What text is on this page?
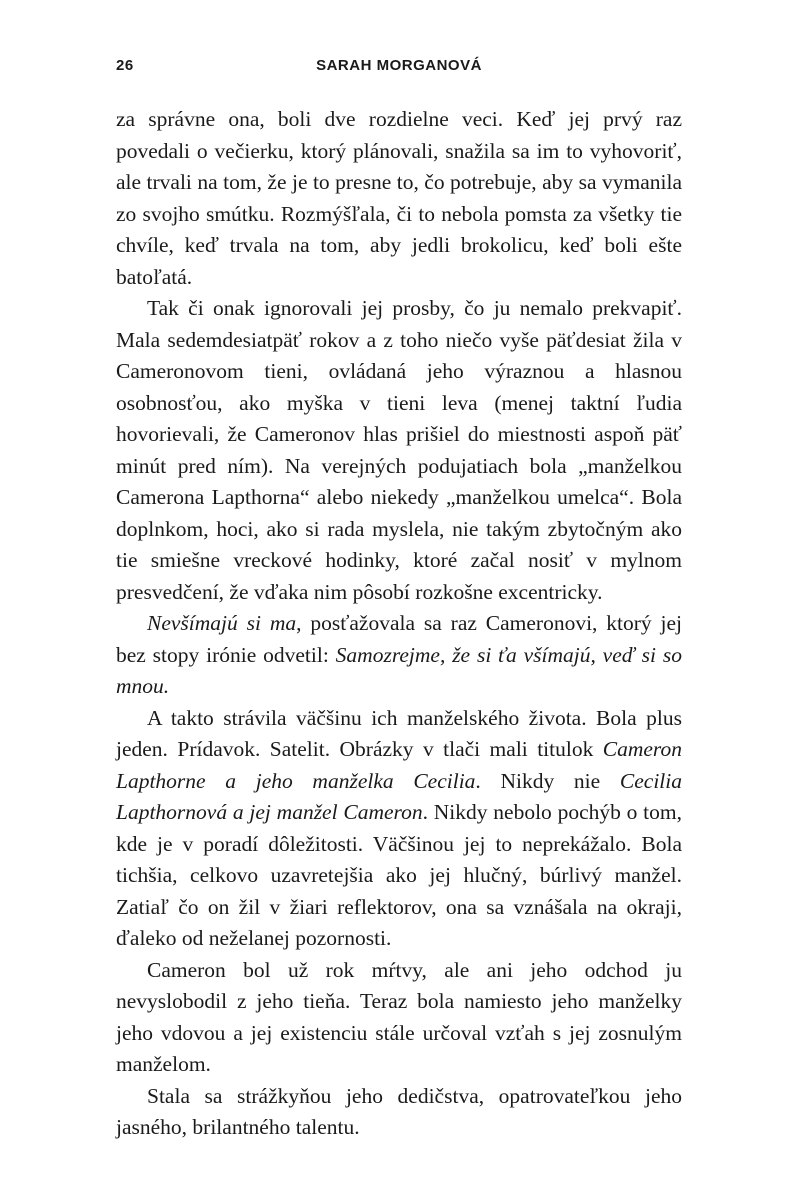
26	SARAH MORGANOVÁ

za správne ona, boli dve rozdielne veci. Keď jej prvý raz povedali o večierku, ktorý plánovali, snažila sa im to vyhovoriť, ale trvali na tom, že je to presne to, čo potrebuje, aby sa vymanila zo svojho smútku. Rozmýšľala, či to nebola pomsta za všetky tie chvíle, keď trvala na tom, aby jedli brokolicu, keď boli ešte batoľatá.

Tak či onak ignorovali jej prosby, čo ju nemalo prekvapiť. Mala sedemdesiatpäť rokov a z toho niečo vyše päťdesiat žila v Cameronovom tieni, ovládaná jeho výraznou a hlasnou osobnosťou, ako myška v tieni leva (menej taktní ľudia hovorievali, že Cameronov hlas prišiel do miestnosti aspoň päť minút pred ním). Na verejných podujatiach bola „manželkou Camerona Lapthorna“ alebo niekedy „manželkou umelca“. Bola doplnkom, hoci, ako si rada myslela, nie takým zbytočným ako tie smiešne vreckové hodinky, ktoré začal nosiť v mylnom presvedčení, že vďaka nim pôsobí rozkošne excentricky.

Nevšímajú si ma, posťažovala sa raz Cameronovi, ktorý jej bez stopy irónie odvetil: Samozrejme, že si ťa všímajú, veď si so mnou.

A takto strávila väčšinu ich manželského života. Bola plus jeden. Prídavok. Satelit. Obrázky v tlači mali titulok Cameron Lapthorne a jeho manželka Cecilia. Nikdy nie Cecilia Lapthornová a jej manžel Cameron. Nikdy nebolo pochýb o tom, kde je v poradí dôležitosti. Väčšinou jej to neprekážalo. Bola tichšia, celkovo uzavretejšia ako jej hlučný, búrlivý manžel. Zatiaľ čo on žil v žiari reflektorov, ona sa vznášala na okraji, ďaleko od neželanej pozornosti.

Cameron bol už rok mŕtvy, ale ani jeho odchod ju nevyslobodil z jeho tieňa. Teraz bola namiesto jeho manželky jeho vdovou a jej existenciu stále určoval vzťah s jej zosnulým manželom.

Stala sa strážkyňou jeho dedičstva, opatrovateľkou jeho jasného, brilantného talentu.
